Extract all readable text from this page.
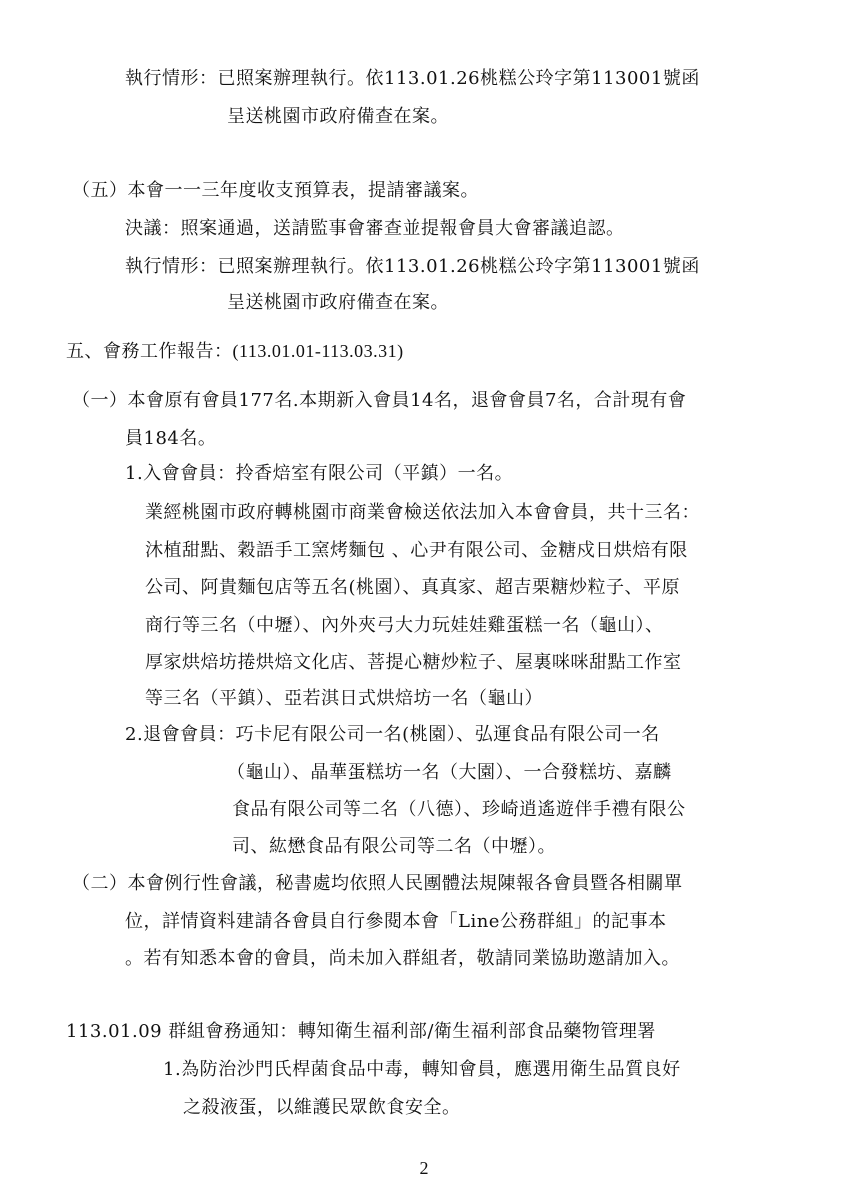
執行情形：已照案辦理執行。依113.01.26桃糕公玲字第113001號函
呈送桃園市政府備查在案。
（五）本會一一三年度收支預算表，提請審議案。
決議：照案通過，送請監事會審查並提報會員大會審議追認。
執行情形：已照案辦理執行。依113.01.26桃糕公玲字第113001號函
呈送桃園市政府備查在案。
五、會務工作報告：(113.01.01-113.03.31)
（一）本會原有會員177名.本期新入會員14名，退會會員7名，合計現有會
員184名。
1.入會會員：拎香焙室有限公司（平鎮）一名。
業經桃園市政府轉桃園市商業會檢送依法加入本會會員，共十三名：
沐植甜點、穀語手工窯烤麵包 、心尹有限公司、金糖戍日烘焙有限
公司、阿貴麵包店等五名(桃園）、真真家、超吉栗糖炒粒子、平原
商行等三名（中壢）、內外夾弓大力玩娃娃雞蛋糕一名（龜山）、
厚家烘焙坊捲烘焙文化店、菩提心糖炒粒子、屋裏咪咪甜點工作室
等三名（平鎮）、亞若淇日式烘焙坊一名（龜山）
2.退會會員：巧卡尼有限公司一名(桃園）、弘運食品有限公司一名
（龜山）、晶華蛋糕坊一名（大園）、一合發糕坊、嘉麟
食品有限公司等二名（八德）、珍崎逍遙遊伴手禮有限公
司、紘懋食品有限公司等二名（中壢）。
（二）本會例行性會議，秘書處均依照人民團體法規陳報各會員暨各相關單
位，詳情資料建請各會員自行參閱本會「Line公務群組」的記事本
。若有知悉本會的會員，尚未加入群組者，敬請同業協助邀請加入。
113.01.09 群組會務通知：轉知衛生福利部/衛生福利部食品藥物管理署
1.為防治沙門氏桿菌食品中毒，轉知會員，應選用衛生品質良好
之殺液蛋，以維護民眾飲食安全。
2
